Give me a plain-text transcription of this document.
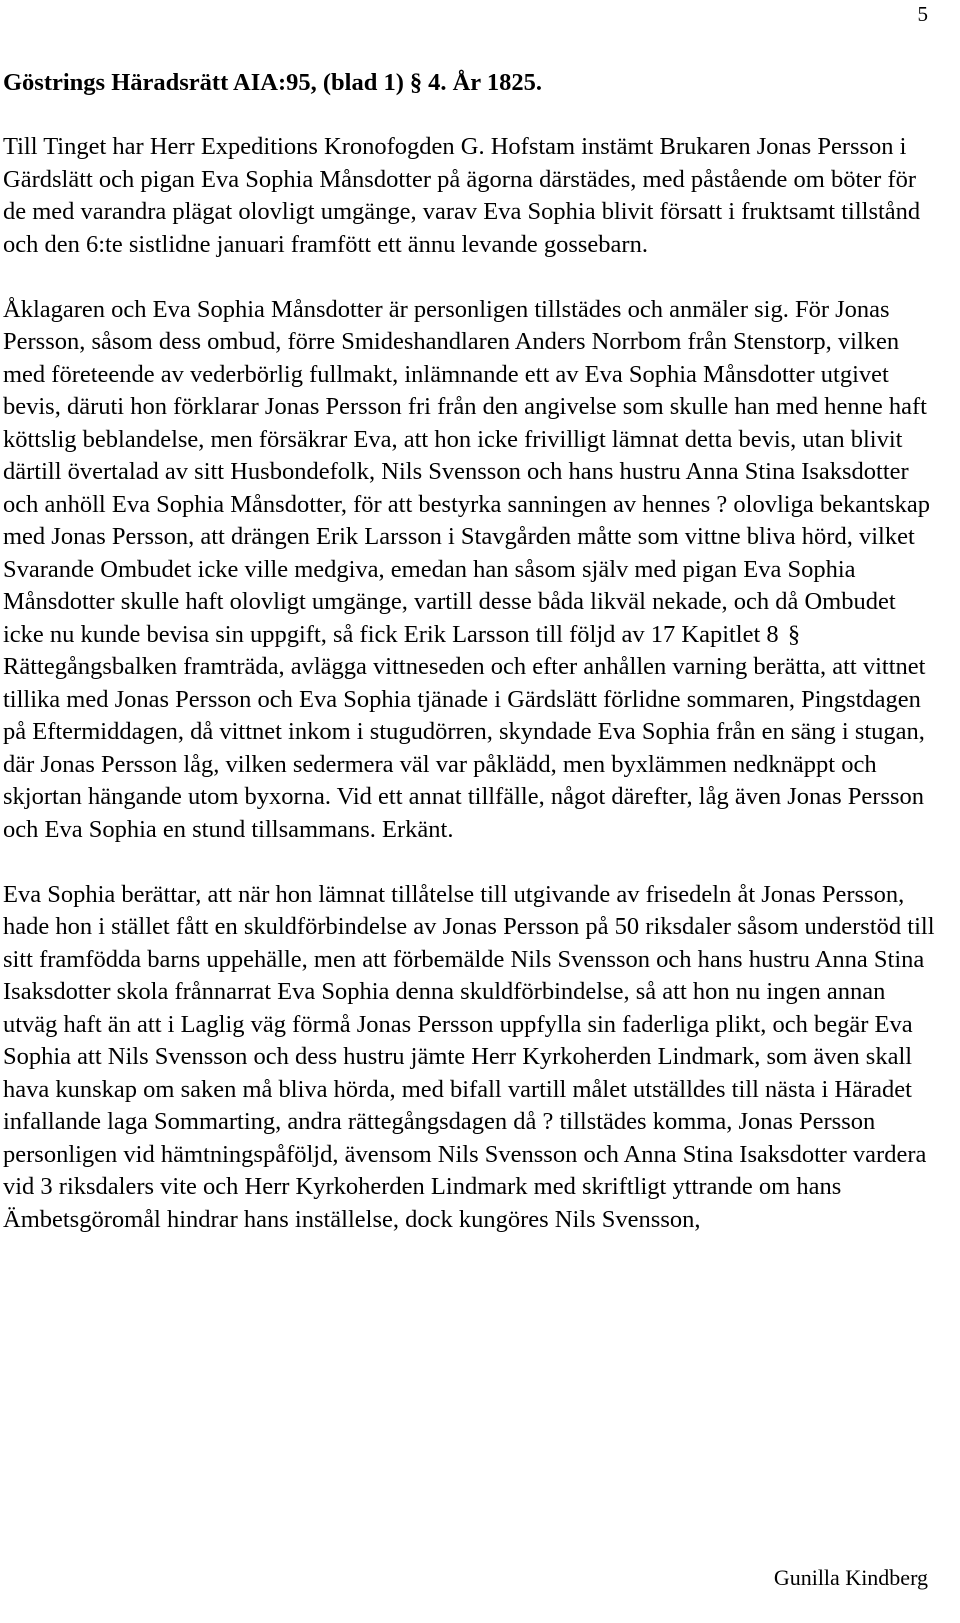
5
Göstrings Häradsrätt AIA:95, (blad 1) § 4. År 1825.

Till Tinget har Herr Expeditions Kronofogden G. Hofstam instämt Brukaren Jonas Persson i Gärdslätt och pigan Eva Sophia Månsdotter på ägorna därstädes, med påstående om böter för de med varandra plägat olovligt umgänge, varav Eva Sophia blivit försatt i fruktsamt tillstånd och den 6:te sistlidne januari framfött ett ännu levande gossebarn.

Åklagaren och Eva Sophia Månsdotter är personligen tillstädes och anmäler sig. För Jonas Persson, såsom dess ombud, förre Smideshandlaren Anders Norrbom från Stenstorp, vilken med företeende av vederbörlig fullmakt, inlämnande ett av Eva Sophia Månsdotter utgivet bevis, däruti hon förklarar Jonas Persson fri från den angivelse som skulle han med henne haft köttslig beblandelse, men försäkrar Eva, att hon icke frivilligt lämnat detta bevis, utan blivit därtill övertalad av sitt Husbondefolk, Nils Svensson och hans hustru Anna Stina Isaksdotter och anhöll Eva Sophia Månsdotter, för att bestyrka sanningen av hennes ? olovliga bekantskap med Jonas Persson, att drängen Erik Larsson i Stavgården måtte som vittne bliva hörd, vilket Svarande Ombudet icke ville medgiva, emedan han såsom själv med pigan Eva Sophia Månsdotter skulle haft olovligt umgänge, vartill desse båda likväl nekade, och då Ombudet icke nu kunde bevisa sin uppgift, så fick Erik Larsson till följd av 17 Kapitlet 8 §
Rättegångsbalken framträda, avlägga vittneseden och efter anhållen varning berätta, att vittnet tillika med Jonas Persson och Eva Sophia tjänade i Gärdslätt förlidne sommaren, Pingstdagen på Eftermiddagen, då vittnet inkom i stugudörren, skyndade Eva Sophia från en säng i stugan, där Jonas Persson låg, vilken sedermera väl var påklädd, men byxlämmen nedknäppt och skjortan hängande utom byxorna. Vid ett annat tillfälle, något därefter, låg även Jonas Persson och Eva Sophia en stund tillsammans. Erkänt.

Eva Sophia berättar, att när hon lämnat tillåtelse till utgivande av frisedeln åt Jonas Persson, hade hon i stället fått en skuldförbindelse av Jonas Persson på 50 riksdaler såsom understöd till sitt framfödda barns uppehälle, men att förbemälde Nils Svensson och hans hustru Anna Stina Isaksdotter skola frånnarrat Eva Sophia denna skuldförbindelse, så att hon nu ingen annan utväg haft än att i Laglig väg förmå Jonas Persson uppfylla sin faderliga plikt, och begär Eva Sophia att Nils Svensson och dess hustru jämte Herr Kyrkoherden Lindmark, som även skall hava kunskap om saken må bliva hörda, med bifall vartill målet utställdes till nästa i Häradet infallande laga Sommarting, andra rättegångsdagen då ? tillstädes komma, Jonas Persson personligen vid hämtningspåföljd, ävensom Nils Svensson och Anna Stina Isaksdotter vardera vid 3 riksdalers vite och Herr Kyrkoherden Lindmark med skriftligt yttrande om hans Ämbetsgöromål hindrar hans inställelse, dock kungöres Nils Svensson,

Gunilla Kindberg
